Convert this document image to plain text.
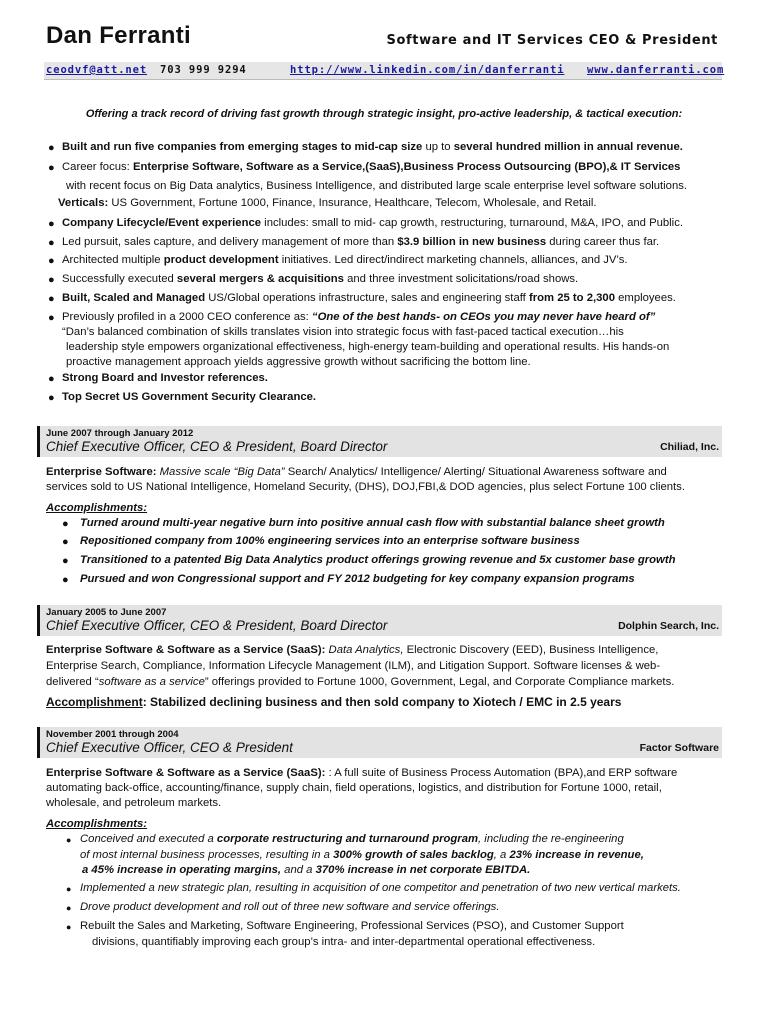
Dan Ferranti	Software and IT Services CEO & President
ceodvf@att.net 703 999 9294	http://www.linkedin.com/in/danferranti www.danferranti.com
Offering a track record of driving fast growth through strategic insight, pro-active leadership, & tactical execution:
● Built and run five companies from emerging stages to mid-cap size up to several hundred million in annual revenue.
● Career focus: Enterprise Software, Software as a Service,(SaaS),Business Process Outsourcing (BPO),& IT Services
with recent focus on Big Data analytics, Business Intelligence, and distributed large scale enterprise level software solutions.
Verticals: US Government, Fortune 1000, Finance, Insurance, Healthcare, Telecom, Wholesale, and Retail.
● Company Lifecycle/Event experience includes: small to mid- cap growth, restructuring, turnaround, M&A, IPO, and Public.
● Led pursuit, sales capture, and delivery management of more than $3.9 billion in new business during career thus far.
● Architected multiple product development initiatives. Led direct/indirect marketing channels, alliances, and JV’s.
● Successfully executed several mergers & acquisitions and three investment solicitations/road shows.
● Built, Scaled and Managed US/Global operations infrastructure, sales and engineering staff from 25 to 2,300 employees.
● Previously profiled in a 2000 CEO conference as: “One of the best hands- on CEOs you may never have heard of”
“Dan’s balanced combination of skills translates vision into strategic focus with fast-paced tactical execution…his
leadership style empowers organizational effectiveness, high-energy team-building and operational results. His hands-on
proactive management approach yields aggressive growth without sacrificing the bottom line.
● Strong Board and Investor references.
● Top Secret US Government Security Clearance.
June 2007 through January 2012
Chief Executive Officer, CEO & President, Board Director	Chiliad, Inc.
Enterprise Software: Massive scale “Big Data” Search/ Analytics/ Intelligence/ Alerting/ Situational Awareness software and
services sold to US National Intelligence, Homeland Security, (DHS), DOJ,FBI,& DOD agencies, plus select Fortune 100 clients.
Accomplishments:
● Turned around multi-year negative burn into positive annual cash flow with substantial balance sheet growth
● Repositioned company from 100% engineering services into an enterprise software business
● Transitioned to a patented Big Data Analytics product offerings growing revenue and 5x customer base growth
● Pursued and won Congressional support and FY 2012 budgeting for key company expansion programs
January 2005 to June 2007
Chief Executive Officer, CEO & President, Board Director	Dolphin Search, Inc.
Enterprise Software & Software as a Service (SaaS): Data Analytics, Electronic Discovery (EED), Business Intelligence,
Enterprise Search, Compliance, Information Lifecycle Management (ILM), and Litigation Support. Software licenses & web-
delivered “software as a service” offerings provided to Fortune 1000, Government, Legal, and Corporate Compliance markets.
Accomplishment: Stabilized declining business and then sold company to Xiotech / EMC in 2.5 years
November 2001 through 2004
Chief Executive Officer, CEO & President	Factor Software
Enterprise Software & Software as a Service (SaaS): : A full suite of Business Process Automation (BPA),and ERP software
automating back-office, accounting/finance, supply chain, field operations, logistics, and distribution for Fortune 1000, retail,
wholesale, and petroleum markets.
Accomplishments:
● Conceived and executed a corporate restructuring and turnaround program, including the re-engineering
of most internal business processes, resulting in a 300% growth of sales backlog, a 23% increase in revenue,
a 45% increase in operating margins, and a 370% increase in net corporate EBITDA.
● Implemented a new strategic plan, resulting in acquisition of one competitor and penetration of two new vertical markets.
● Drove product development and roll out of three new software and service offerings.
● Rebuilt the Sales and Marketing, Software Engineering, Professional Services (PSO), and Customer Support
divisions, quantifiably improving each group’s intra- and inter-departmental operational effectiveness.
